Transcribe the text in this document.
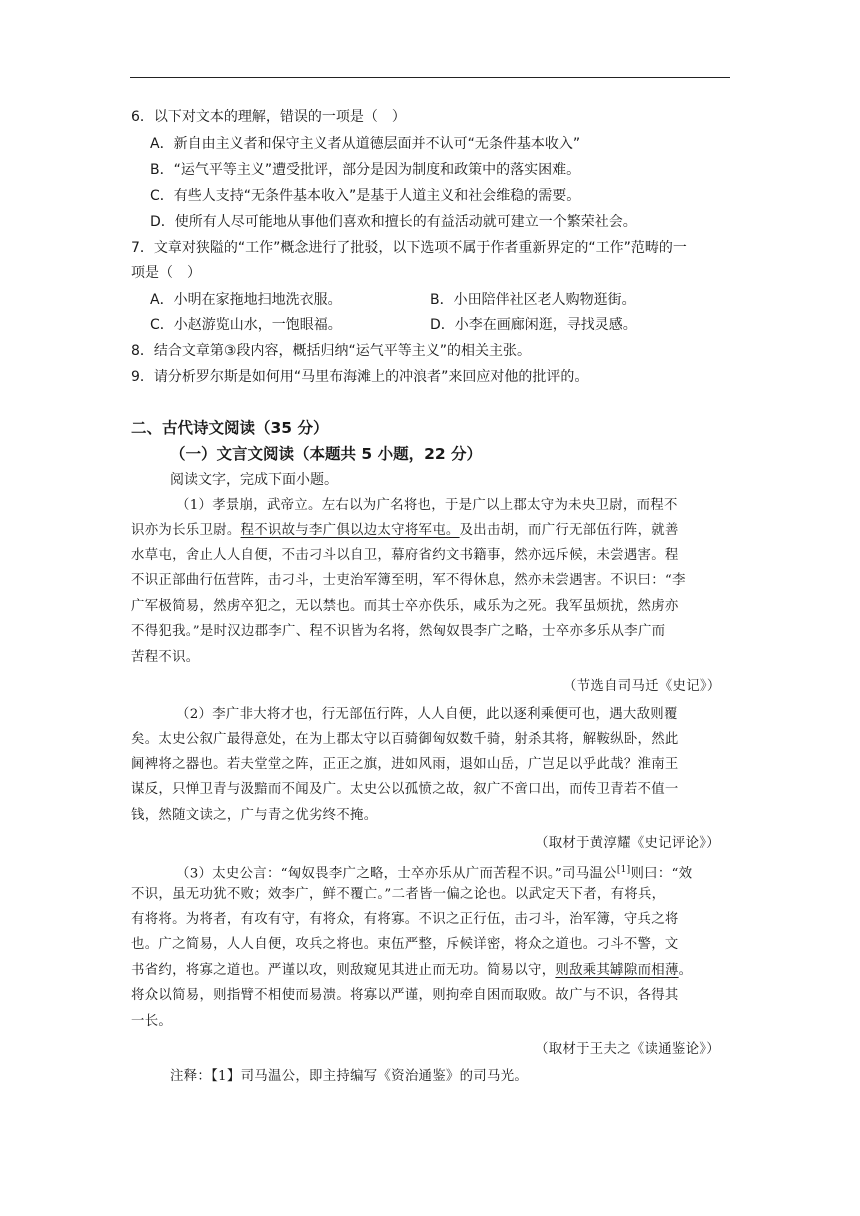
6．以下对文本的理解，错误的一项是（　）
A．新自由主义者和保守主义者从道德层面并不认可“无条件基本收入”
B．“运气平等主义”遭受批评，部分是因为制度和政策中的落实困难。
C．有些人支持“无条件基本收入”是基于人道主义和社会维稳的需要。
D．使所有人尽可能地从事他们喜欢和擅长的有益活动就可建立一个繁荣社会。
7．文章对狭隘的“工作”概念进行了批驳，以下选项不属于作者重新界定的“工作”范畴的一
项是（　）
A．小明在家拖地扫地洗衣服。	B．小田陪伴社区老人购物逛街。
C．小赵游览山水，一饱眼福。	D．小李在画廊闲逛，寻找灵感。
8．结合文章第③段内容，概括归纳“运气平等主义”的相关主张。
9．请分析罗尔斯是如何用“马里布海滩上的冲浪者”来回应对他的批评的。
二、古代诗文阅读（35 分）
（一）文言文阅读（本题共 5 小题，22 分）
阅读文字，完成下面小题。
（1）孝景崩，武帝立。左右以为广名将也，于是广以上郡太守为未央卫尉，而程不
识亦为长乐卫尉。程不识故与李广俱以边太守将军屯。及出击胡，而广行无部伍行阵，就善
水草屯，舍止人人自便，不击刁斗以自卫，幕府省约文书籍事，然亦远斥候，未尝遇害。程
不识正部曲行伍营阵，击刁斗，士吏治军簿至明，军不得休息，然亦未尝遇害。不识曰：“李
广军极简易，然虏卒犯之，无以禁也。而其士卒亦佚乐，咸乐为之死。我军虽烦扰，然虏亦
不得犯我。”是时汉边郡李广、程不识皆为名将，然匈奴畏李广之略，士卒亦多乐从李广而
苦程不识。
（节选自司马迁《史记》）
（2）李广非大将才也，行无部伍行阵，人人自便，此以逐利乘便可也，遇大敌则覆
矣。太史公叙广最得意处，在为上郡太守以百骑御匈奴数千骑，射杀其将，解鞍纵卧，然此
阃裨将之器也。若夫堂堂之阵，正正之旗，进如风雨，退如山岳，广岂足以乎此哉？淮南王
谋反，只惮卫青与汲黯而不闻及广。太史公以孤愤之故，叙广不啻口出，而传卫青若不值一
钱，然随文读之，广与青之优劣终不掩。
（取材于黄淳耀《史记评论》）
（3）太史公言：“匈奴畏李广之略，士卒亦乐从广而苦程不识。”司马温公[1]则曰：“效
不识，虽无功犹不败；效李广，鲜不覆亡。”二者皆一偏之论也。以武定天下者，有将兵，
有将将。为将者，有攻有守，有将众，有将寡。不识之正行伍，击刁斗，治军簿，守兵之将
也。广之简易，人人自便，攻兵之将也。束伍严整，斥候详密，将众之道也。刁斗不警，文
书省约，将寡之道也。严谨以攻，则敌窥见其进止而无功。简易以守，则敌乘其罅隙而相薄。
将众以简易，则指臂不相使而易溃。将寡以严谨，则拘牵自困而取败。故广与不识，各得其
一长。
（取材于王夫之《读通鉴论》）
注释：【1】司马温公，即主持编写《资治通鉴》的司马光。
